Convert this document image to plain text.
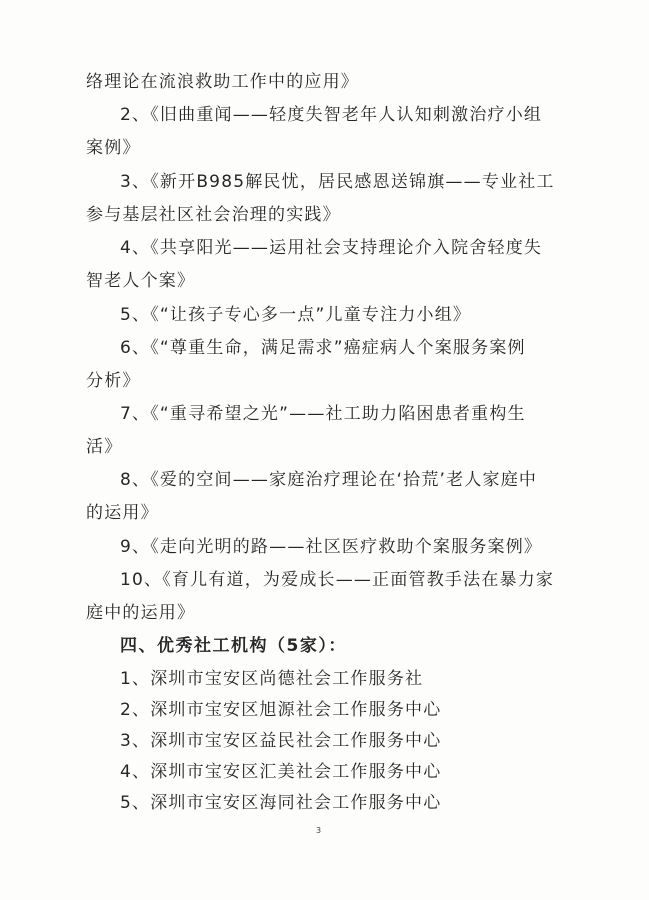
络理论在流浪救助工作中的应用》
2、《旧曲重闻——轻度失智老年人认知刺激治疗小组
案例》
3、《新开B985解民忧，居民感恩送锦旗——专业社工
参与基层社区社会治理的实践》
4、《共享阳光——运用社会支持理论介入院舍轻度失
智老人个案》
5、《“让孩子专心多一点”儿童专注力小组》
6、《“尊重生命，满足需求”癌症病人个案服务案例
分析》
7、《“重寻希望之光”——社工助力陷困患者重构生
活》
8、《爱的空间——家庭治疗理论在‘拾荒’老人家庭中
的运用》
9、《走向光明的路——社区医疗救助个案服务案例》
10、《育儿有道，为爱成长——正面管教手法在暴力家
庭中的运用》
四、优秀社工机构（5家）：
1、深圳市宝安区尚德社会工作服务社
2、深圳市宝安区旭源社会工作服务中心
3、深圳市宝安区益民社会工作服务中心
4、深圳市宝安区汇美社会工作服务中心
5、深圳市宝安区海同社会工作服务中心
3
